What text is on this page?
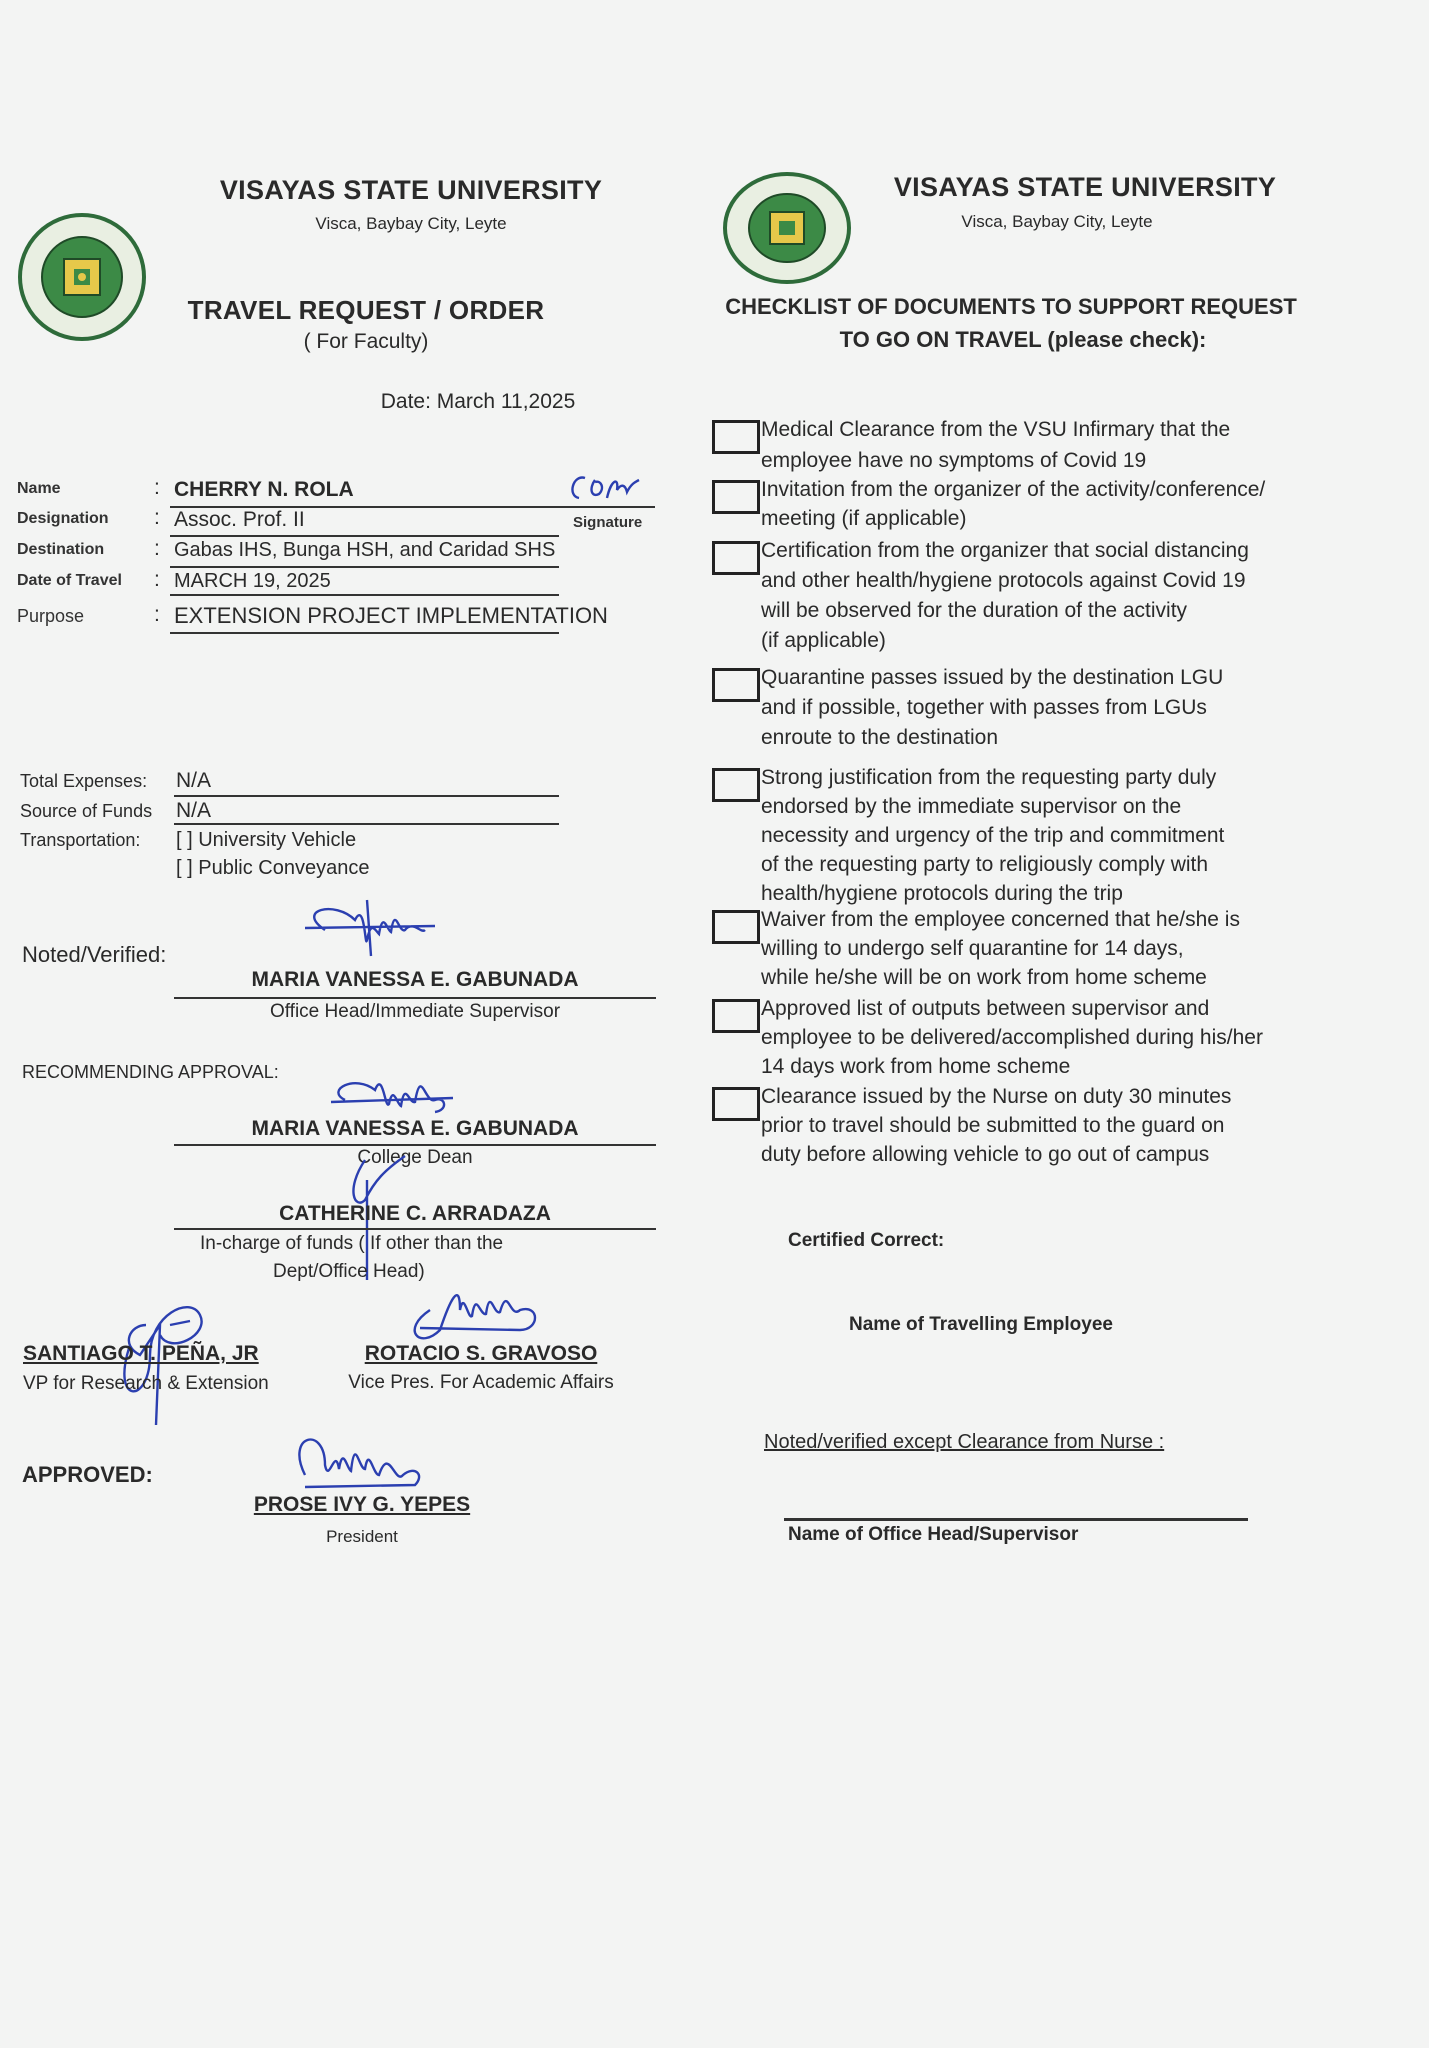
VISAYAS STATE UNIVERSITY
Visca, Baybay City, Leyte
TRAVEL REQUEST / ORDER
( For Faculty)
Date: March 11,2025
Name	: CHERRY N. ROLA
Signature
Designation : Assoc. Prof. II
Destination : Gabas IHS, Bunga HSH, and Caridad SHS
Date of Travel : MARCH 19, 2025
Purpose	: EXTENSION PROJECT IMPLEMENTATION
Total Expenses: N/A
Source of Funds N/A
Transportation: [ ] University Vehicle
[ ] Public Conveyance
Noted/Verified:
MARIA VANESSA E. GABUNADA
Office Head/Immediate Supervisor
RECOMMENDING APPROVAL:
MARIA VANESSA E. GABUNADA
College Dean
CATHERINE C. ARRADAZA
In-charge of funds ( If other than the
Dept/Office Head)
SANTIAGO T. PEÑA, JR
VP for Research & Extension
ROTACIO S. GRAVOSO
Vice Pres. For Academic Affairs
APPROVED:
PROSE IVY G. YEPES
President
VISAYAS STATE UNIVERSITY
Visca, Baybay City, Leyte
CHECKLIST OF DOCUMENTS TO SUPPORT REQUEST
TO GO ON TRAVEL (please check):
Medical Clearance from the VSU Infirmary that the
employee have no symptoms of Covid 19
Invitation from the organizer of the activity/conference/
meeting (if applicable)
Certification from the organizer that social distancing
and other health/hygiene protocols against Covid 19
will be observed for the duration of the activity
(if applicable)
Quarantine passes issued by the destination LGU
and if possible, together with passes from LGUs
enroute to the destination
Strong justification from the requesting party duly
endorsed by the immediate supervisor on the
necessity and urgency of the trip and commitment
of the requesting party to religiously comply with
health/hygiene protocols during the trip
Waiver from the employee concerned that he/she is
willing to undergo self quarantine for 14 days,
while he/she will be on work from home scheme
Approved list of outputs between supervisor and
employee to be delivered/accomplished during his/her
14 days work from home scheme
Clearance issued by the Nurse on duty 30 minutes
prior to travel should be submitted to the guard on
duty before allowing vehicle to go out of campus
Certified Correct:
Name of Travelling Employee
Noted/verified except Clearance from Nurse :
Name of Office Head/Supervisor
